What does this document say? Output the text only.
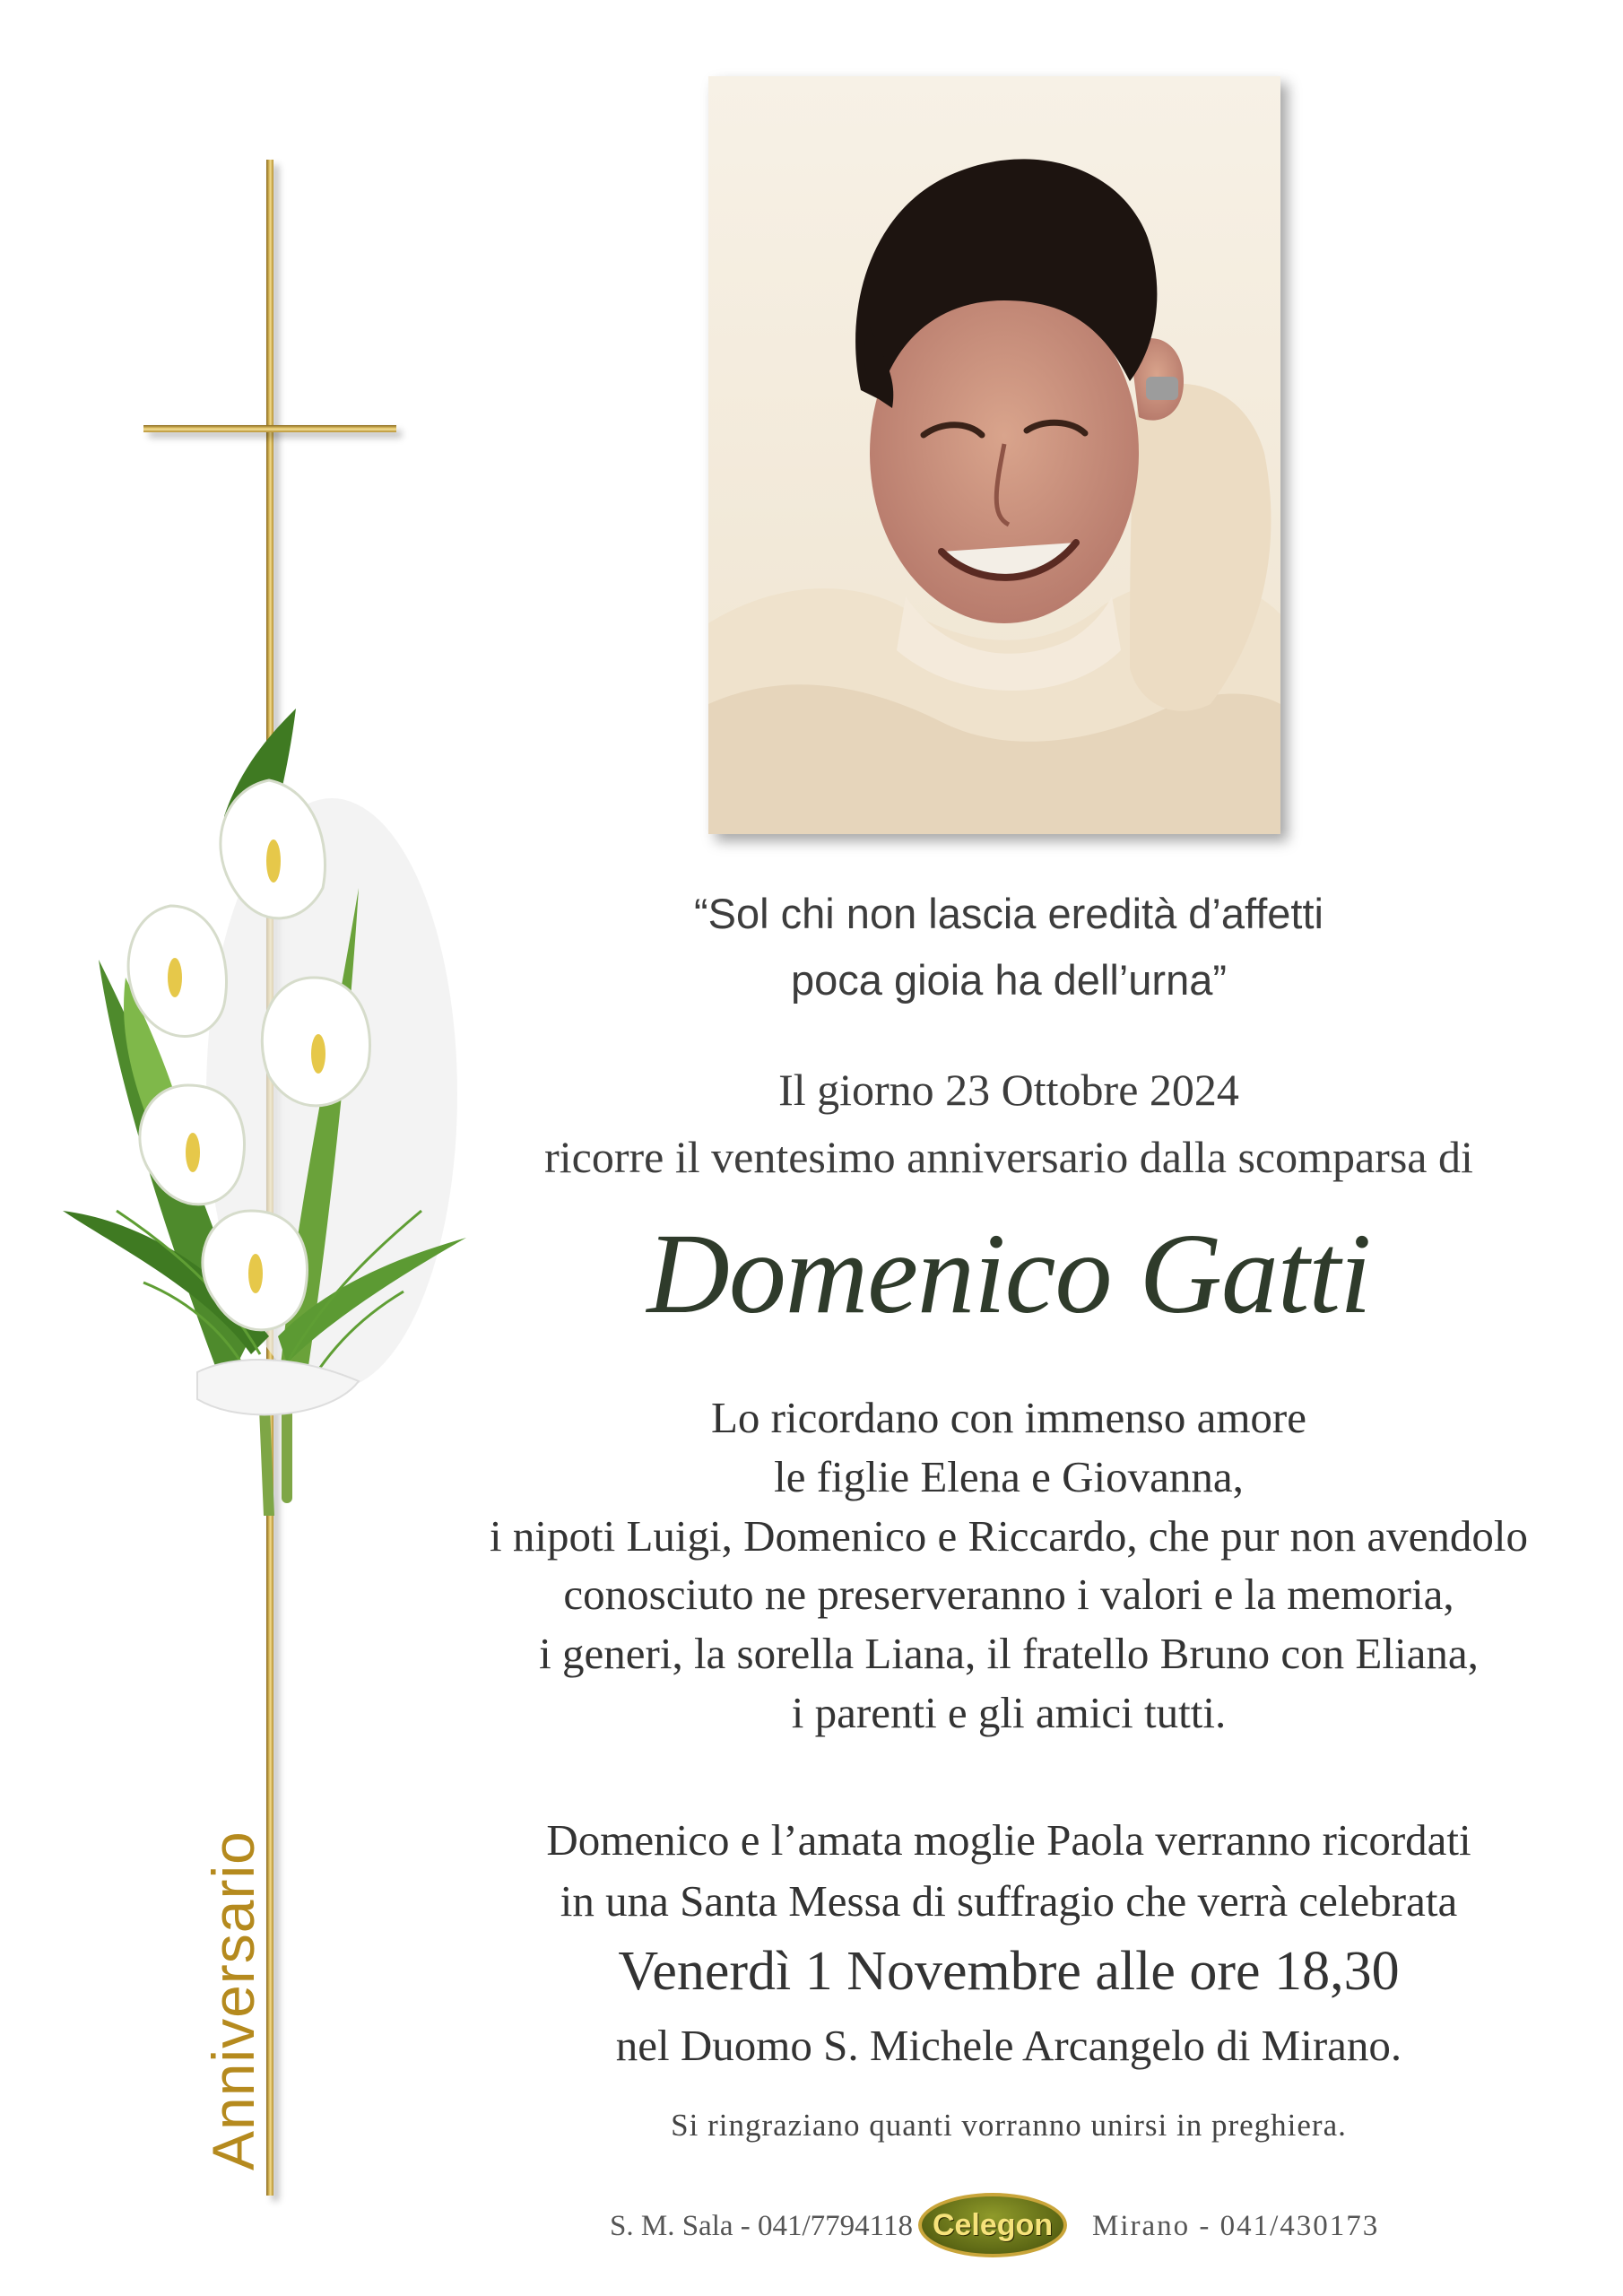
Anniversario
“Sol chi non lascia eredità d’affetti
poca gioia ha dell’urna”
Il giorno 23 Ottobre 2024
ricorre il ventesimo anniversario dalla scomparsa di
Domenico Gatti
Lo ricordano con immenso amore
le figlie Elena e Giovanna,
i nipoti Luigi, Domenico e Riccardo, che pur non avendolo
conosciuto ne preserveranno i valori e la memoria,
i generi, la sorella Liana, il fratello Bruno con Eliana,
i parenti e gli amici tutti.
Domenico e l’amata moglie Paola verranno ricordati
in una Santa Messa di suffragio che verrà celebrata
Venerdì 1 Novembre alle ore 18,30
nel Duomo S. Michele Arcangelo di Mirano.
Si ringraziano quanti vorranno unirsi in preghiera.
S. M. Sala - 041/7794118 Celegon	Mirano - 041/430173
